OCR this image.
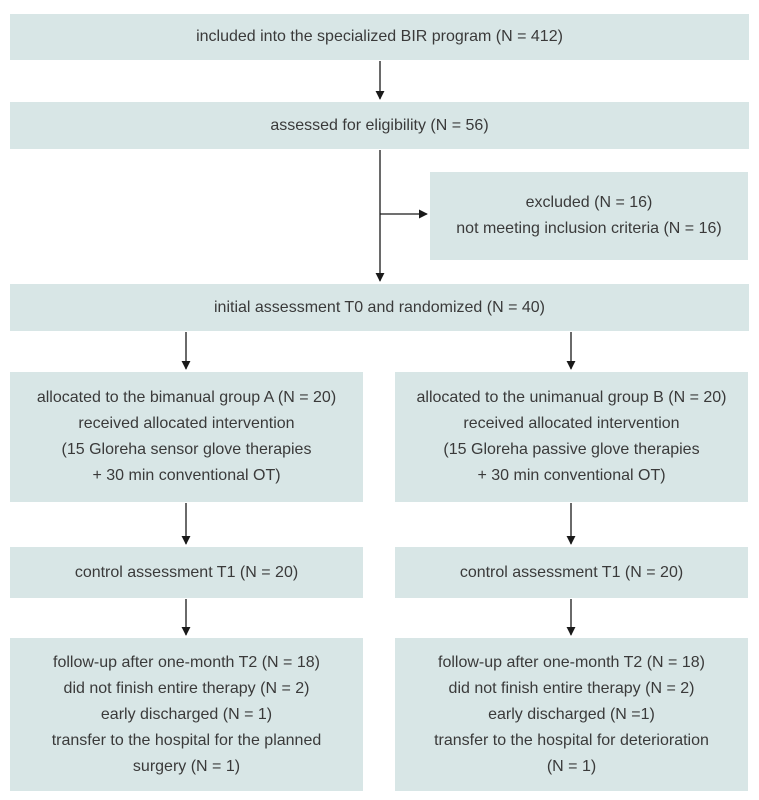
included into the specialized BIR program (N = 412)
assessed for eligibility (N = 56)
excluded (N = 16)
not meeting inclusion criteria (N = 16)
initial assessment T0 and randomized (N = 40)
allocated to the bimanual group A (N = 20)
received allocated intervention
(15 Gloreha sensor glove therapies
+ 30 min conventional OT)
allocated to the unimanual group B (N = 20)
received allocated intervention
(15 Gloreha passive glove therapies
+ 30 min conventional OT)
control assessment T1 (N = 20)	control assessment T1 (N = 20)
follow-up after one-month T2 (N = 18)
did not finish entire therapy (N = 2)
early discharged (N = 1)
transfer to the hospital for the planned
surgery (N = 1)
follow-up after one-month T2 (N = 18)
did not finish entire therapy (N = 2)
early discharged (N =1)
transfer to the hospital for deterioration
(N = 1)
